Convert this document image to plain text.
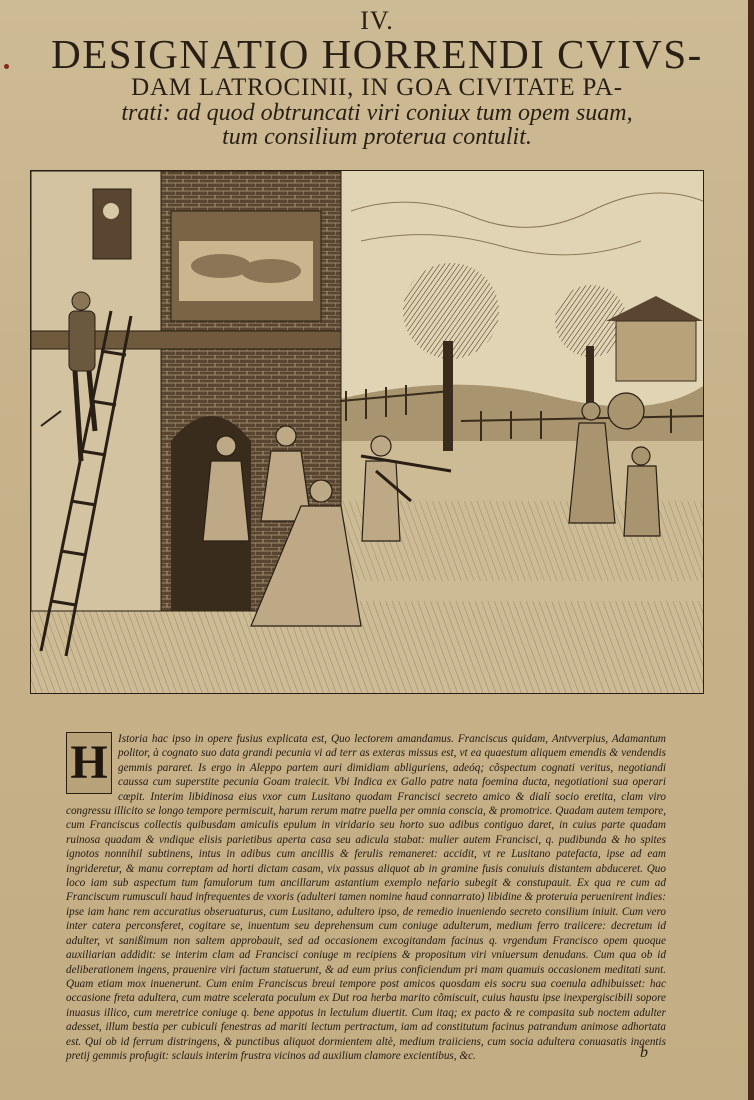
IV.
DESIGNATIO HORRENDI CVIVS-
DAM LATROCINII, IN GOA CIVITATE PA-
trati: ad quod obtruncati viri coniux tum opem suam,
tum consilium proterua contulit.
H Istoria hac ipso in opere fusius explicata est, Quo lectorem amandamus. Franciscus quidam, Antvverpius, Adamantum politor, à cognato suo data grandi pecunia vi ad terr as exteras missus est, vt ea quaestum aliquem emendis & vendendis gemmis pararet. Is ergo in Aleppo partem auri dimidiam abliguriens, adeóq; cõspectum cognati veritus, negotiandi caussa cum superstite pecunia Goam traiecit. Vbi Indica ex Gallo patre nata foemina ducta, negotiationi sua operari cœpit. Interim libidinosa eius vxor cum Lusitano quodam Francisci secreto amico & dialí socio eretita, clam viro congressu illicito se longo tempore permiscuit, harum rerum matre puella per omnia conscia, & promotrice. Quadam autem tempore, cum Franciscus collectis quibusdam amiculis epulum in viridario seu horto suo adibus contiguo daret, in cuius parte quadam ruinosa quadam & vndique elisis parietibus aperta casa seu adicula stabat: mulier autem Francisci, q. pudibunda & ho spites ignotos nonnihil subtinens, intus in adibus cum ancillis & ferulis remaneret: accidit, vt re Lusitano patefacta, ipse ad eam ingrideretur, & manu correptam ad horti dictam casam, vix passus aliquot ab in gramine fusis conuiuis distantem abduceret. Quo loco iam sub aspectum tum famulorum tum ancillarum astantium exemplo nefario subegit & constupauit. Ex qua re cum ad Franciscum rumusculi haud infrequentes de vxoris (adulteri tamen nomine haud connarrato) libidine & proteruia peruenirent indies: ipse iam hanc rem accuratius obseruaturus, cum Lusitano, adultero ipso, de remedio inueniendo secreto consilium iniuit. Cum vero inter catera perconsferet, cogitare se, inuentum seu deprehensum cum coniuge adulterum, medium ferro traiicere: decretum id adulter, vt sanißimum non saltem approbauit, sed ad occasionem excogitandam facinus q. vrgendum Francisco opem quoque auxiliarian addidit: se interim clam ad Francisci coniuge m recipiens & propositum viri vniuersum denudans. Cum qua ob id deliberationem ingens, prauenire viri factum statuerunt, & ad eum prius conficiendum pri mam quamuis occasionem meditati sunt. Quam etiam mox inuenerunt. Cum enim Franciscus breui tempore post amicos quosdam eis socru sua coenula adhibuisset: hac occasione freta adultera, cum matre scelerata poculum ex Dut roa herba marito cõmiscuit, cuius haustu ipse inexpergiscibili sopore inuasus illico, cum meretrice coniuge q. bene appotus in lectulum diuertit. Cum itaq; ex pacto & re compasita sub noctem adulter adesset, illum bestia per cubiculi fenestras ad mariti lectum pertractum, iam ad constitutum facinus patrandum animose adhortata est. Qui ob id ferrum distringens, & punctibus aliquot dormientem altè, medium traiiciens, cum socia adultera conuasatis ingentis pretij gemmis profugit: sclauis interim frustra vicinos ad auxilium clamore excientibus, &c.	b
